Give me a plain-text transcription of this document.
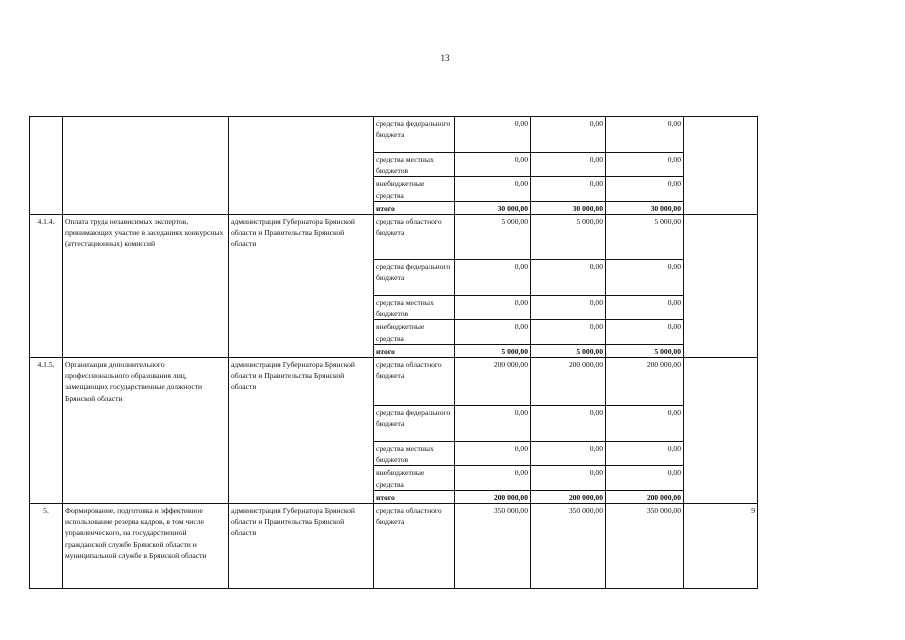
13
			средства федерального бюджета	0,00	0,00	0,00	
			средства местных бюджетов	0,00	0,00	0,00	
			внебюджетные средства	0,00	0,00	0,00	
			итого	30 000,00	30 000,00	30 000,00	
4.1.4.	Оплата труда независимых экспертов, принимающих участие в заседаниях конкурсных (аттестационных) комиссий	администрация Губернатора Брянской области и Правительства Брянской области	средства областного бюджета	5 000,00	5 000,00	5 000,00	
			средства федерального бюджета	0,00	0,00	0,00	
			средства местных бюджетов	0,00	0,00	0,00	
			внебюджетные средства	0,00	0,00	0,00	
			итого	5 000,00	5 000,00	5 000,00	
4.1.5.	Организация дополнительного профессионального образования лиц, замещающих государственные должности Брянской области	администрация Губернатора Брянской области и Правительства Брянской области	средства областного бюджета	200 000,00	200 000,00	200 000,00	
			средства федерального бюджета	0,00	0,00	0,00	
			средства местных бюджетов	0,00	0,00	0,00	
			внебюджетные средства	0,00	0,00	0,00	
			итого	200 000,00	200 000,00	200 000,00	
5.	Формирование, подготовка и эффективное использование резерва кадров, в том числе управленческого, на государственной гражданской службе Брянской области и муниципальной службе в Брянской области	администрация Губернатора Брянской области и Правительства Брянской области	средства областного бюджета	350 000,00	350 000,00	350 000,00	9
